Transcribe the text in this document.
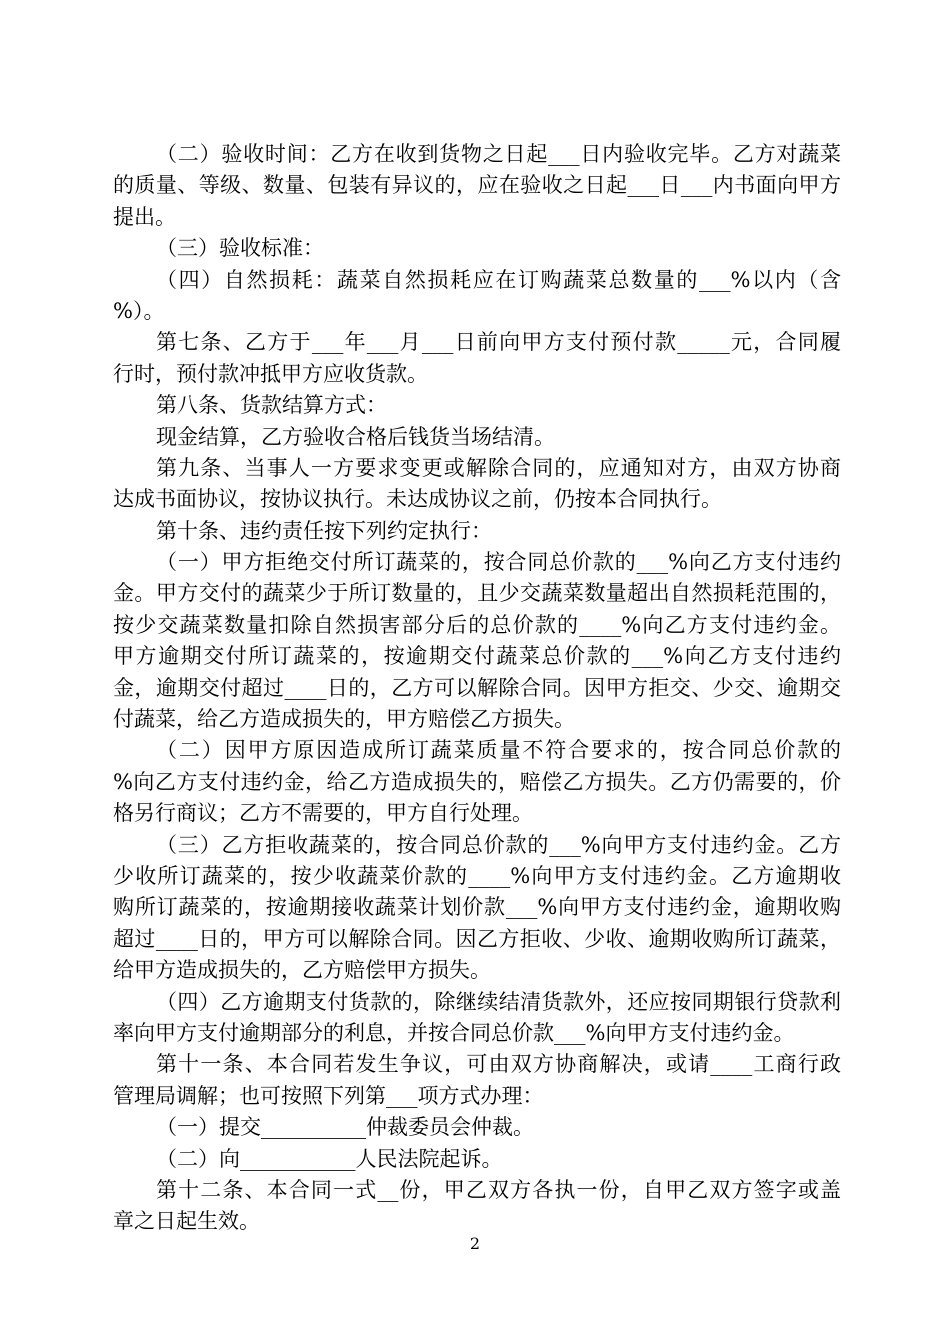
（二）验收时间：乙方在收到货物之日起___日内验收完毕。乙方对蔬菜
的质量、等级、数量、包装有异议的，应在验收之日起___日___内书面向甲方
提出。
（三）验收标准：
（四）自然损耗：蔬菜自然损耗应在订购蔬菜总数量的___%以内（含
%）。
第七条、乙方于___年___月___日前向甲方支付预付款_____元，合同履
行时，预付款冲抵甲方应收货款。
第八条、货款结算方式：
现金结算，乙方验收合格后钱货当场结清。
第九条、当事人一方要求变更或解除合同的，应通知对方，由双方协商
达成书面协议，按协议执行。未达成协议之前，仍按本合同执行。
第十条、违约责任按下列约定执行：
（一）甲方拒绝交付所订蔬菜的，按合同总价款的___%向乙方支付违约
金。甲方交付的蔬菜少于所订数量的，且少交蔬菜数量超出自然损耗范围的，
按少交蔬菜数量扣除自然损害部分后的总价款的____%向乙方支付违约金。
甲方逾期交付所订蔬菜的，按逾期交付蔬菜总价款的___%向乙方支付违约
金，逾期交付超过____日的，乙方可以解除合同。因甲方拒交、少交、逾期交
付蔬菜，给乙方造成损失的，甲方赔偿乙方损失。
（二）因甲方原因造成所订蔬菜质量不符合要求的，按合同总价款的
%向乙方支付违约金，给乙方造成损失的，赔偿乙方损失。乙方仍需要的，价
格另行商议；乙方不需要的，甲方自行处理。
（三）乙方拒收蔬菜的，按合同总价款的___%向甲方支付违约金。乙方
少收所订蔬菜的，按少收蔬菜价款的____%向甲方支付违约金。乙方逾期收
购所订蔬菜的，按逾期接收蔬菜计划价款___%向甲方支付违约金，逾期收购
超过____日的，甲方可以解除合同。因乙方拒收、少收、逾期收购所订蔬菜，
给甲方造成损失的，乙方赔偿甲方损失。
（四）乙方逾期支付货款的，除继续结清货款外，还应按同期银行贷款利
率向甲方支付逾期部分的利息，并按合同总价款___%向甲方支付违约金。
第十一条、本合同若发生争议，可由双方协商解决，或请____工商行政
管理局调解；也可按照下列第___项方式办理：
（一）提交__________仲裁委员会仲裁。
（二）向___________人民法院起诉。
第十二条、本合同一式__份，甲乙双方各执一份，自甲乙双方签字或盖
章之日起生效。
2
